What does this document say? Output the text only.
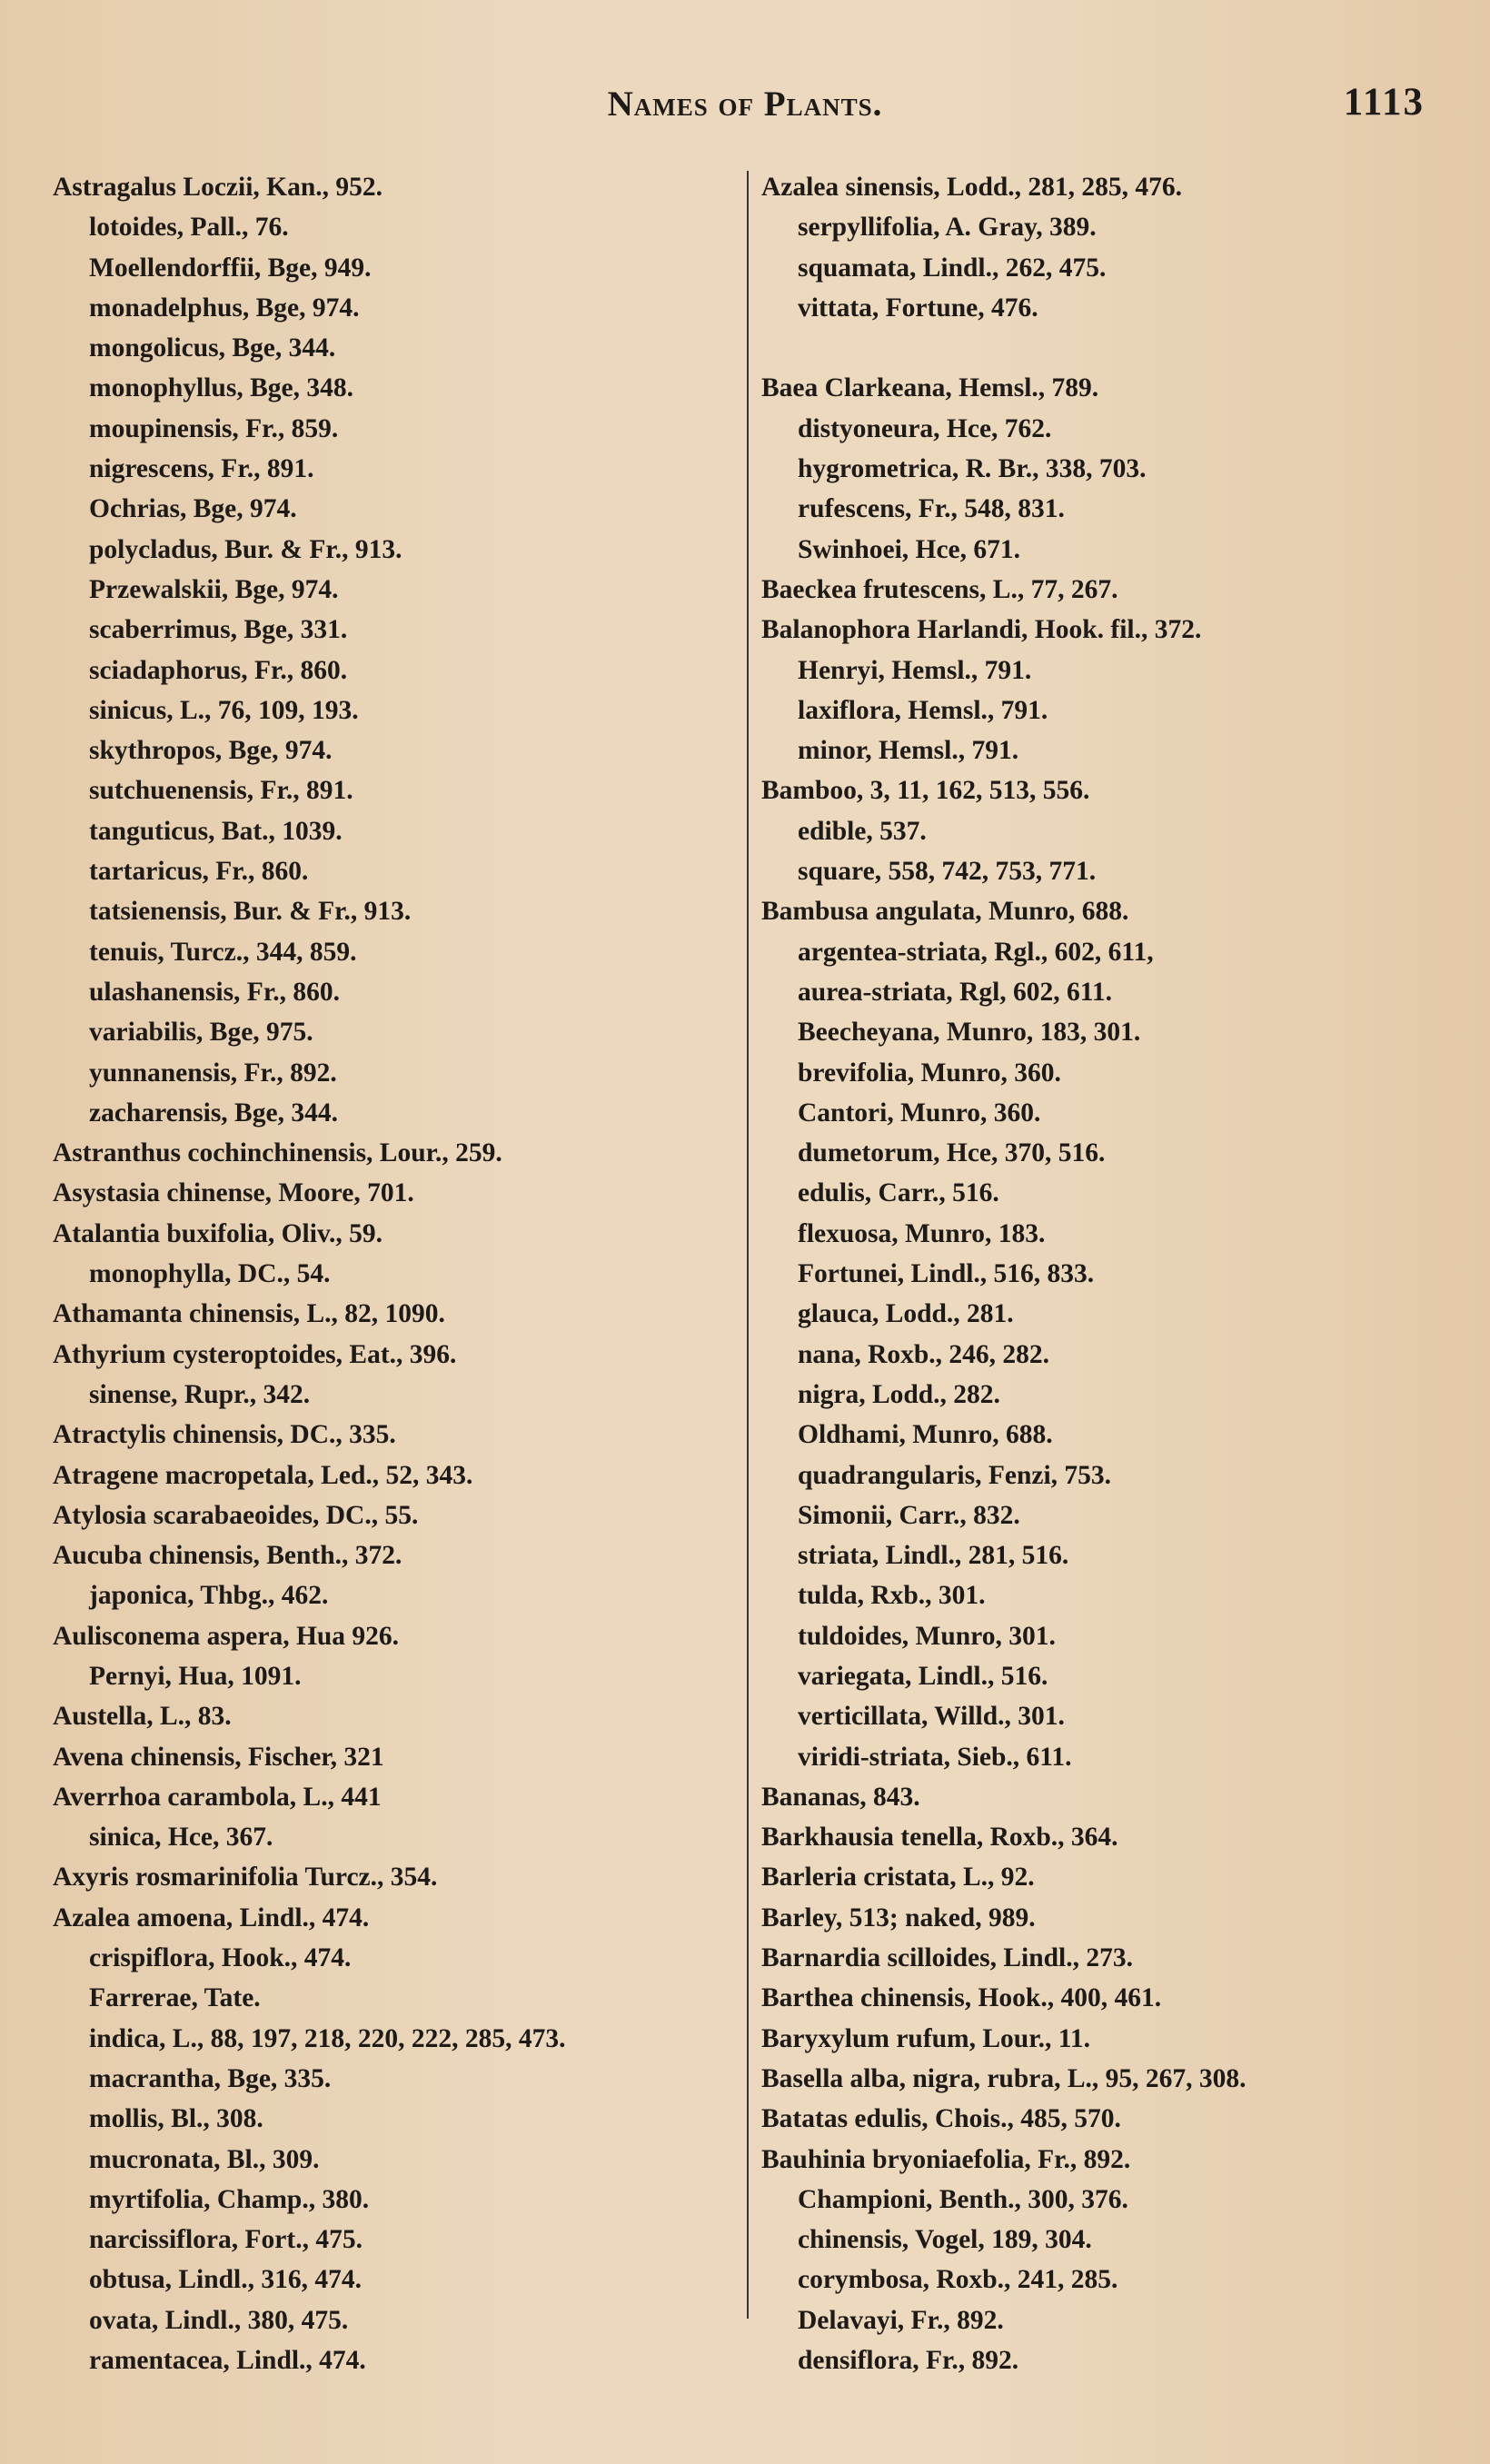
Names of Plants.	1113
Astragalus Loczii, Kan., 952.
lotoides, Pall., 76.
Moellendorffii, Bge, 949.
monadelphus, Bge, 974.
mongolicus, Bge, 344.
monophyllus, Bge, 348.
moupinensis, Fr., 859.
nigrescens, Fr., 891.
Ochrias, Bge, 974.
polycladus, Bur. & Fr., 913.
Przewalskii, Bge, 974.
scaberrimus, Bge, 331.
sciadaphorus, Fr., 860.
sinicus, L., 76, 109, 193.
skythropos, Bge, 974.
sutchuenensis, Fr., 891.
tanguticus, Bat., 1039.
tartaricus, Fr., 860.
tatsienensis, Bur. & Fr., 913.
tenuis, Turcz., 344, 859.
ulashanensis, Fr., 860.
variabilis, Bge, 975.
yunnanensis, Fr., 892.
zacharensis, Bge, 344.
Astranthus cochinchinensis, Lour., 259.
Asystasia chinense, Moore, 701.
Atalantia buxifolia, Oliv., 59.
monophylla, DC., 54.
Athamanta chinensis, L., 82, 1090.
Athyrium cysteroptoides, Eat., 396.
sinense, Rupr., 342.
Atractylis chinensis, DC., 335.
Atragene macropetala, Led., 52, 343.
Atylosia scarabaeoides, DC., 55.
Aucuba chinensis, Benth., 372.
japonica, Thbg., 462.
Aulisconema aspera, Hua 926.
Pernyi, Hua, 1091.
Austella, L., 83.
Avena chinensis, Fischer, 321
Averrhoa carambola, L., 441
sinica, Hce, 367.
Axyris rosmarinifolia Turcz., 354.
Azalea amoena, Lindl., 474.
crispiflora, Hook., 474.
Farrerae, Tate.
indica, L., 88, 197, 218, 220, 222, 285, 473.
macrantha, Bge, 335.
mollis, Bl., 308.
mucronata, Bl., 309.
myrtifolia, Champ., 380.
narcissiflora, Fort., 475.
obtusa, Lindl., 316, 474.
ovata, Lindl., 380, 475.
ramentacea, Lindl., 474.
Azalea sinensis, Lodd., 281, 285, 476.
serpyllifolia, A. Gray, 389.
squamata, Lindl., 262, 475.
vittata, Fortune, 476.
Baea Clarkeana, Hemsl., 789.
distyoneura, Hce, 762.
hygrometrica, R. Br., 338, 703.
rufescens, Fr., 548, 831.
Swinhoei, Hce, 671.
Baeckea frutescens, L., 77, 267.
Balanophora Harlandi, Hook. fil., 372.
Henryi, Hemsl., 791.
laxiflora, Hemsl., 791.
minor, Hemsl., 791.
Bamboo, 3, 11, 162, 513, 556.
edible, 537.
square, 558, 742, 753, 771.
Bambusa angulata, Munro, 688.
argentea-striata, Rgl., 602, 611,
aurea-striata, Rgl, 602, 611.
Beecheyana, Munro, 183, 301.
brevifolia, Munro, 360.
Cantori, Munro, 360.
dumetorum, Hce, 370, 516.
edulis, Carr., 516.
flexuosa, Munro, 183.
Fortunei, Lindl., 516, 833.
glauca, Lodd., 281.
nana, Roxb., 246, 282.
nigra, Lodd., 282.
Oldhami, Munro, 688.
quadrangularis, Fenzi, 753.
Simonii, Carr., 832.
striata, Lindl., 281, 516.
tulda, Rxb., 301.
tuldoides, Munro, 301.
variegata, Lindl., 516.
verticillata, Willd., 301.
viridi-striata, Sieb., 611.
Bananas, 843.
Barkhausia tenella, Roxb., 364.
Barleria cristata, L., 92.
Barley, 513; naked, 989.
Barnardia scilloides, Lindl., 273.
Barthea chinensis, Hook., 400, 461.
Baryxylum rufum, Lour., 11.
Basella alba, nigra, rubra, L., 95, 267, 308.
Batatas edulis, Chois., 485, 570.
Bauhinia bryoniaefolia, Fr., 892.
Championi, Benth., 300, 376.
chinensis, Vogel, 189, 304.
corymbosa, Roxb., 241, 285.
Delavayi, Fr., 892.
densiflora, Fr., 892.
